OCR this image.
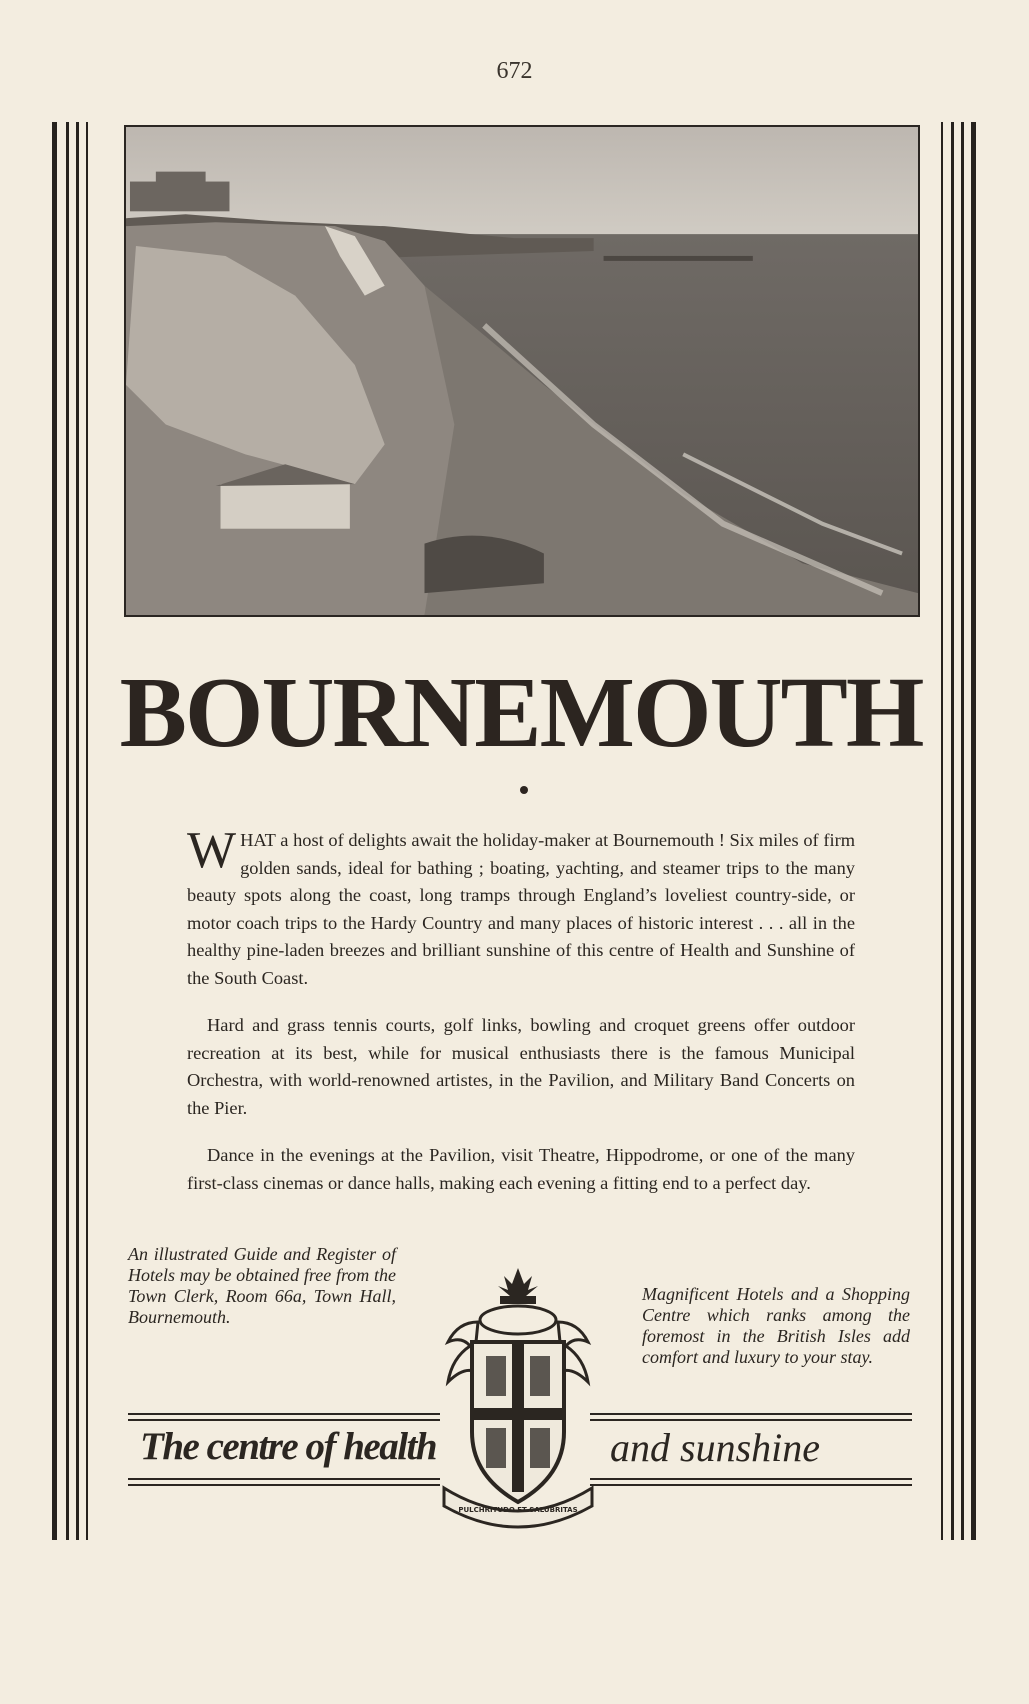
672
BOURNEMOUTH

WHAT a host of delights await the holiday-maker at Bournemouth ! Six miles of firm golden sands, ideal for bathing ; boating, yachting, and steamer trips to the many beauty spots along the coast, long tramps through England’s loveliest country-side, or motor coach trips to the Hardy Country and many places of historic interest . . . all in the healthy pine-laden breezes and brilliant sunshine of this centre of Health and Sunshine of the South Coast.

Hard and grass tennis courts, golf links, bowling and croquet greens offer outdoor recreation at its best, while for musical enthusiasts there is the famous Municipal Orchestra, with world-renowned artistes, in the Pavilion, and Military Band Concerts on the Pier.

Dance in the evenings at the Pavilion, visit Theatre, Hippodrome, or one of the many first-class cinemas or dance halls, making each evening a fitting end to a perfect day.

An illustrated Guide and Register of Hotels may be obtained free from the Town Clerk, Room 66a, Town Hall, Bournemouth.
Magnificent Hotels and a Shopping Centre which ranks among the foremost in the British Isles add comfort and luxury to your stay.
The centre of health	and sunshine
PULCHRITUDO ET SALUBRITAS
